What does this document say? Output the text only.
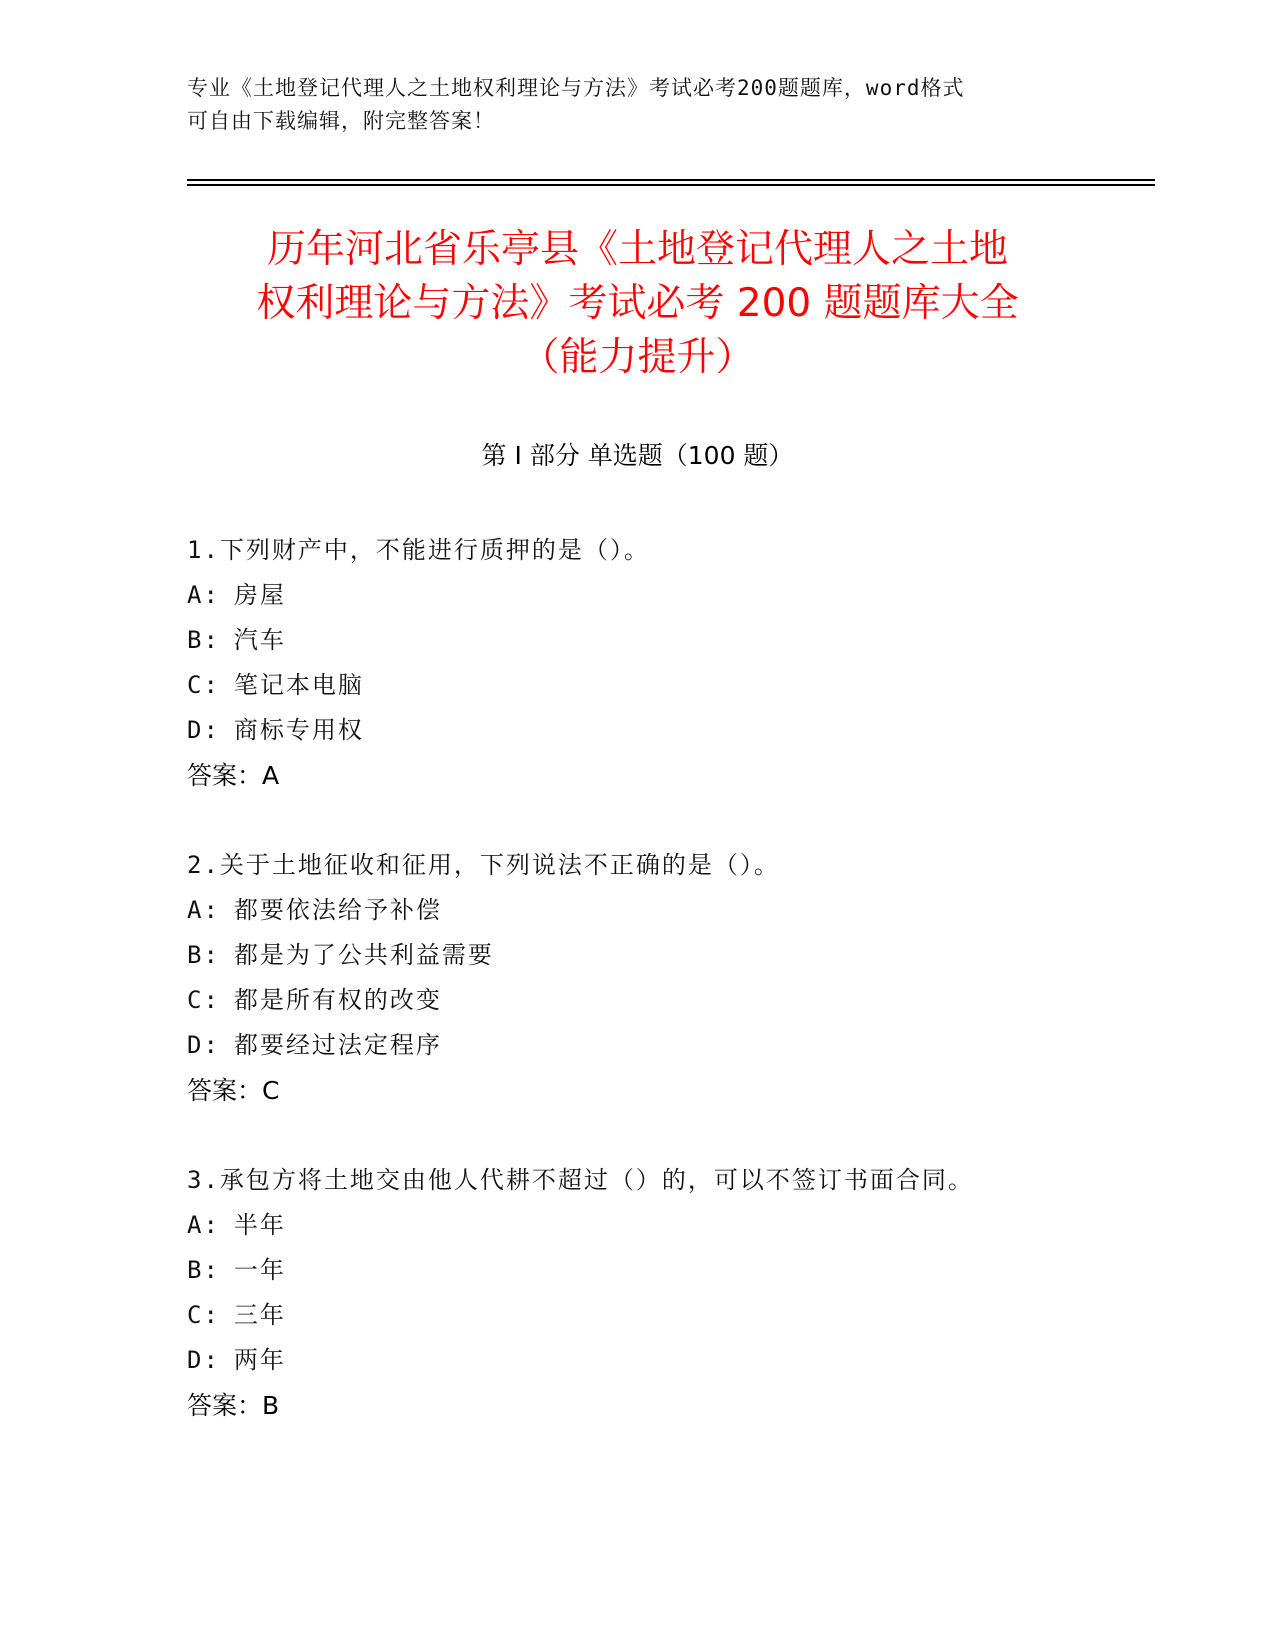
专业《土地登记代理人之土地权利理论与方法》考试必考200题题库，word格式
可自由下载编辑，附完整答案！
历年河北省乐亭县《土地登记代理人之土地
权利理论与方法》考试必考 200 题题库大全
（能力提升）
第 I 部分 单选题（100 题）
1.下列财产中，不能进行质押的是（）。
A: 房屋
B: 汽车
C: 笔记本电脑
D: 商标专用权
答案：A
2.关于土地征收和征用，下列说法不正确的是（）。
A: 都要依法给予补偿
B: 都是为了公共利益需要
C: 都是所有权的改变
D: 都要经过法定程序
答案：C
3.承包方将土地交由他人代耕不超过（）的，可以不签订书面合同。
A: 半年
B: 一年
C: 三年
D: 两年
答案：B
